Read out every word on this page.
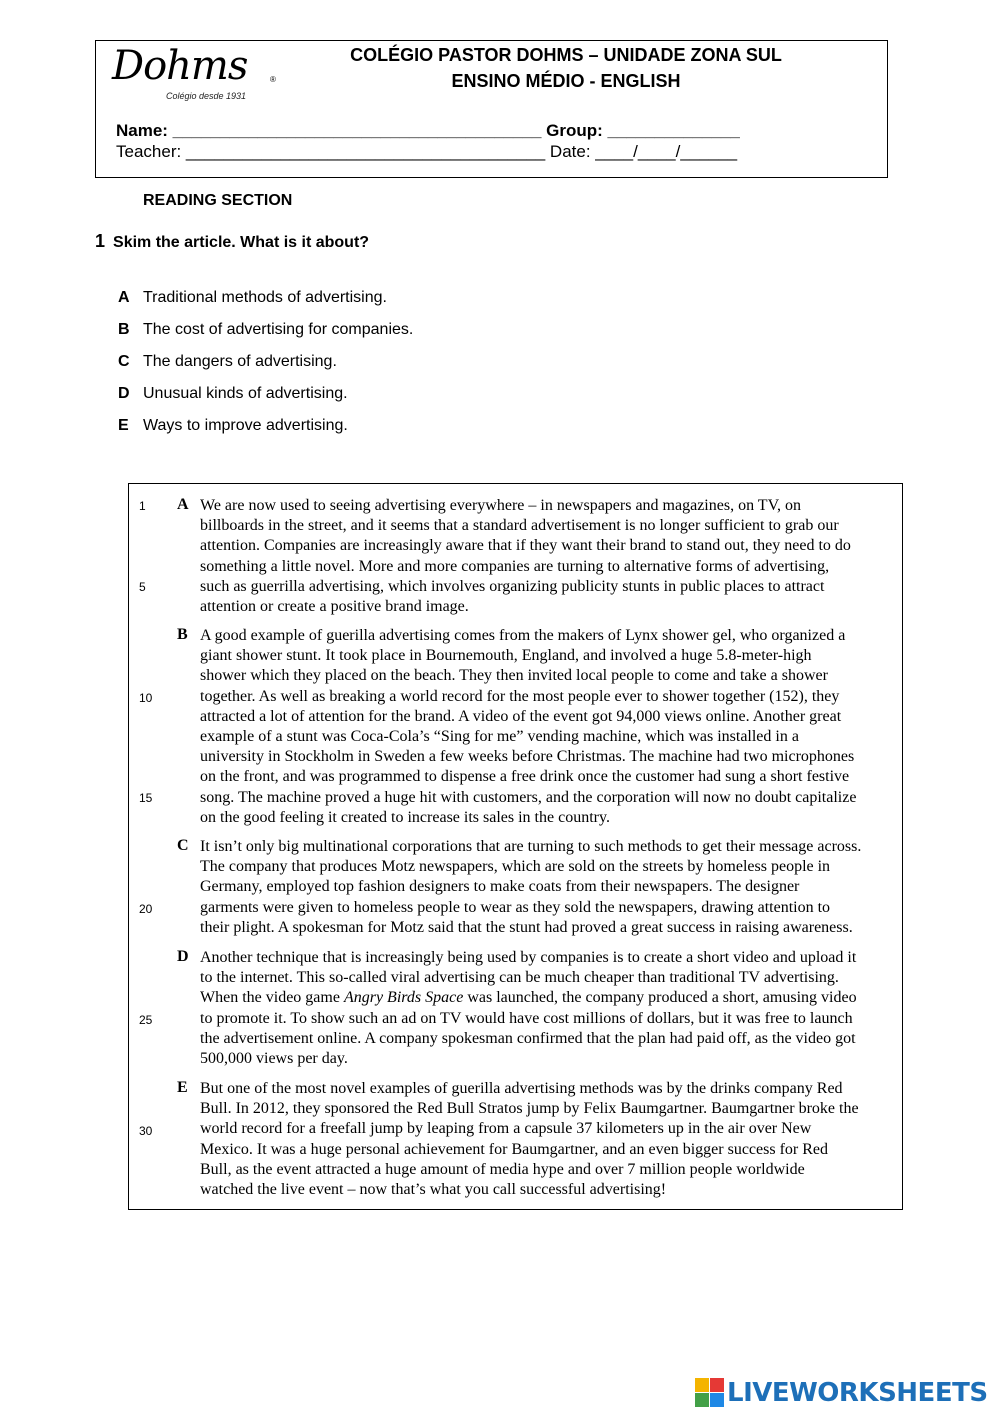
Dohms	®
Colégio desde 1931
COLÉGIO PASTOR DOHMS – UNIDADE ZONA SUL
ENSINO MÉDIO - ENGLISH
Name: _______________________________________ Group: ______________
Teacher: ______________________________________ Date: ____/____/______
READING SECTION
1 Skim the article. What is it about?
A Traditional methods of advertising.
B The cost of advertising for companies.
C The dangers of advertising.
D Unusual kinds of advertising.
E Ways to improve advertising.
1
5
10
15
20
25
30
A We are now used to seeing advertising everywhere – in newspapers and magazines, on TV, on
billboards in the street, and it seems that a standard advertisement is no longer sufficient to grab our
attention. Companies are increasingly aware that if they want their brand to stand out, they need to do
something a little novel. More and more companies are turning to alternative forms of advertising,
such as guerrilla advertising, which involves organizing publicity stunts in public places to attract
attention or create a positive brand image.
B A good example of guerilla advertising comes from the makers of Lynx shower gel, who organized a
giant shower stunt. It took place in Bournemouth, England, and involved a huge 5.8-meter-high
shower which they placed on the beach. They then invited local people to come and take a shower
together. As well as breaking a world record for the most people ever to shower together (152), they
attracted a lot of attention for the brand. A video of the event got 94,000 views online. Another great
example of a stunt was Coca-Cola’s “Sing for me” vending machine, which was installed in a
university in Stockholm in Sweden a few weeks before Christmas. The machine had two microphones
on the front, and was programmed to dispense a free drink once the customer had sung a short festive
song. The machine proved a huge hit with customers, and the corporation will now no doubt capitalize
on the good feeling it created to increase its sales in the country.
C It isn’t only big multinational corporations that are turning to such methods to get their message across.
The company that produces Motz newspapers, which are sold on the streets by homeless people in
Germany, employed top fashion designers to make coats from their newspapers. The designer
garments were given to homeless people to wear as they sold the newspapers, drawing attention to
their plight. A spokesman for Motz said that the stunt had proved a great success in raising awareness.
D Another technique that is increasingly being used by companies is to create a short video and upload it
to the internet. This so-called viral advertising can be much cheaper than traditional TV advertising.
When the video game Angry Birds Space was launched, the company produced a short, amusing video
to promote it. To show such an ad on TV would have cost millions of dollars, but it was free to launch
the advertisement online. A company spokesman confirmed that the plan had paid off, as the video got
500,000 views per day.
E But one of the most novel examples of guerilla advertising methods was by the drinks company Red
Bull. In 2012, they sponsored the Red Bull Stratos jump by Felix Baumgartner. Baumgartner broke the
world record for a freefall jump by leaping from a capsule 37 kilometers up in the air over New
Mexico. It was a huge personal achievement for Baumgartner, and an even bigger success for Red
Bull, as the event attracted a huge amount of media hype and over 7 million people worldwide
watched the live event – now that’s what you call successful advertising!
LIVEWORKSHEETS
